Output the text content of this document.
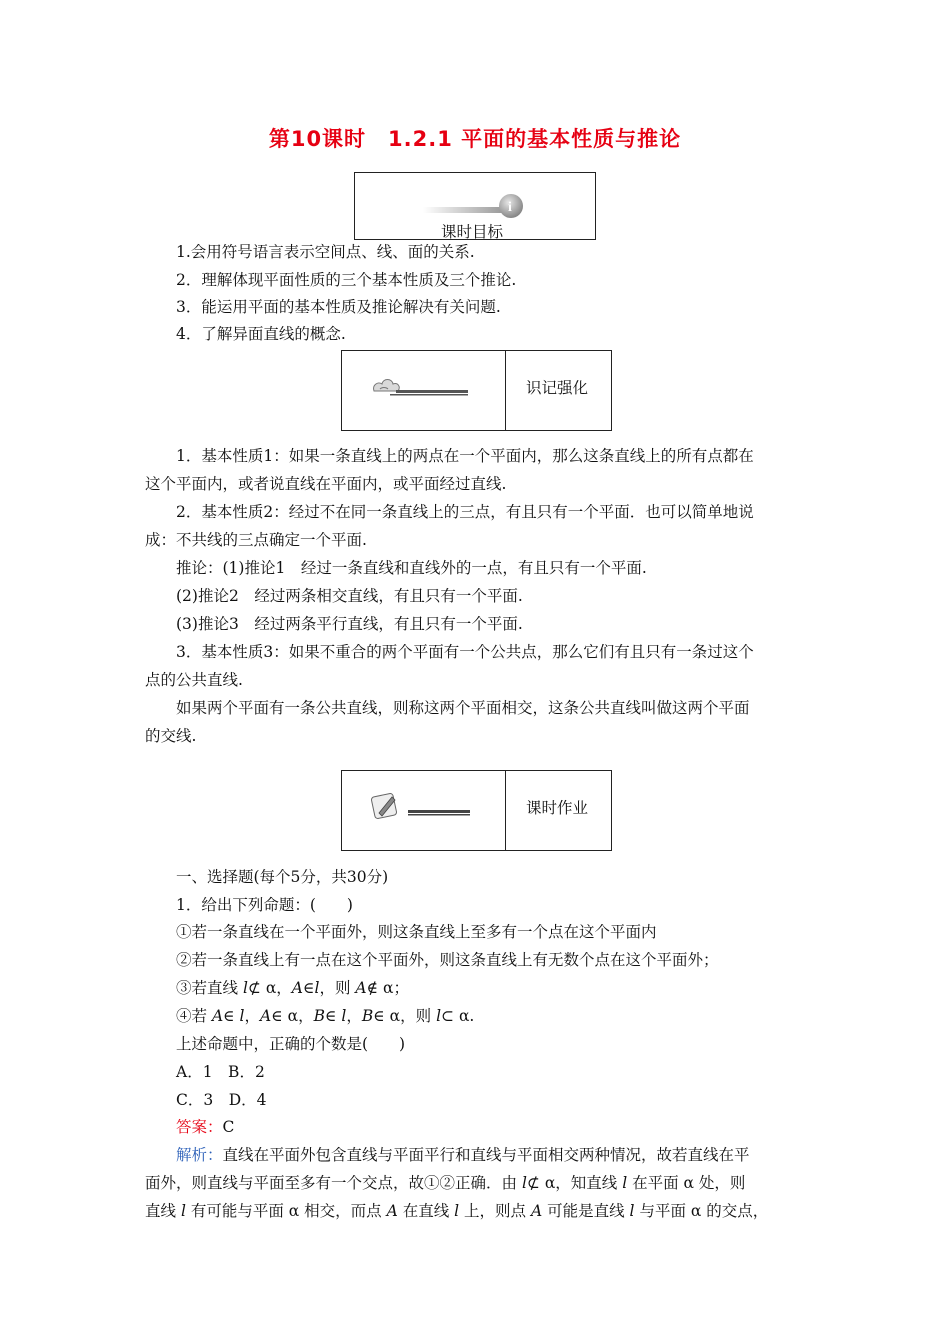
第10课时　1.2.1 平面的基本性质与推论
i
课时目标
1.会用符号语言表示空间点、线、面的关系.
2．理解体现平面性质的三个基本性质及三个推论.
3．能运用平面的基本性质及推论解决有关问题.
4．了解异面直线的概念.
识记强化
1．基本性质1：如果一条直线上的两点在一个平面内，那么这条直线上的所有点都在
这个平面内，或者说直线在平面内，或平面经过直线.
2．基本性质2：经过不在同一条直线上的三点，有且只有一个平面．也可以简单地说
成：不共线的三点确定一个平面.
推论：(1)推论1　经过一条直线和直线外的一点，有且只有一个平面.
(2)推论2　经过两条相交直线，有且只有一个平面.
(3)推论3　经过两条平行直线，有且只有一个平面.
3．基本性质3：如果不重合的两个平面有一个公共点，那么它们有且只有一条过这个
点的公共直线.
如果两个平面有一条公共直线，则称这两个平面相交，这条公共直线叫做这两个平面
的交线.
课时作业
一、选择题(每个5分，共30分)
1．给出下列命题：(　　)
①若一条直线在一个平面外，则这条直线上至多有一个点在这个平面内
②若一条直线上有一点在这个平面外，则这条直线上有无数个点在这个平面外；
③若直线 l⊄ α，A∈l，则 A∉ α；
④若 A∈ l，A∈ α，B∈ l，B∈ α，则 l⊂ α.
上述命题中，正确的个数是(　　)
A．1　B．2
C．3　D．4
答案：C
解析：直线在平面外包含直线与平面平行和直线与平面相交两种情况，故若直线在平
面外，则直线与平面至多有一个交点，故①②正确．由 l⊄ α，知直线 l 在平面 α 处，则
直线 l 有可能与平面 α 相交，而点 A 在直线 l 上，则点 A 可能是直线 l 与平面 α 的交点，
